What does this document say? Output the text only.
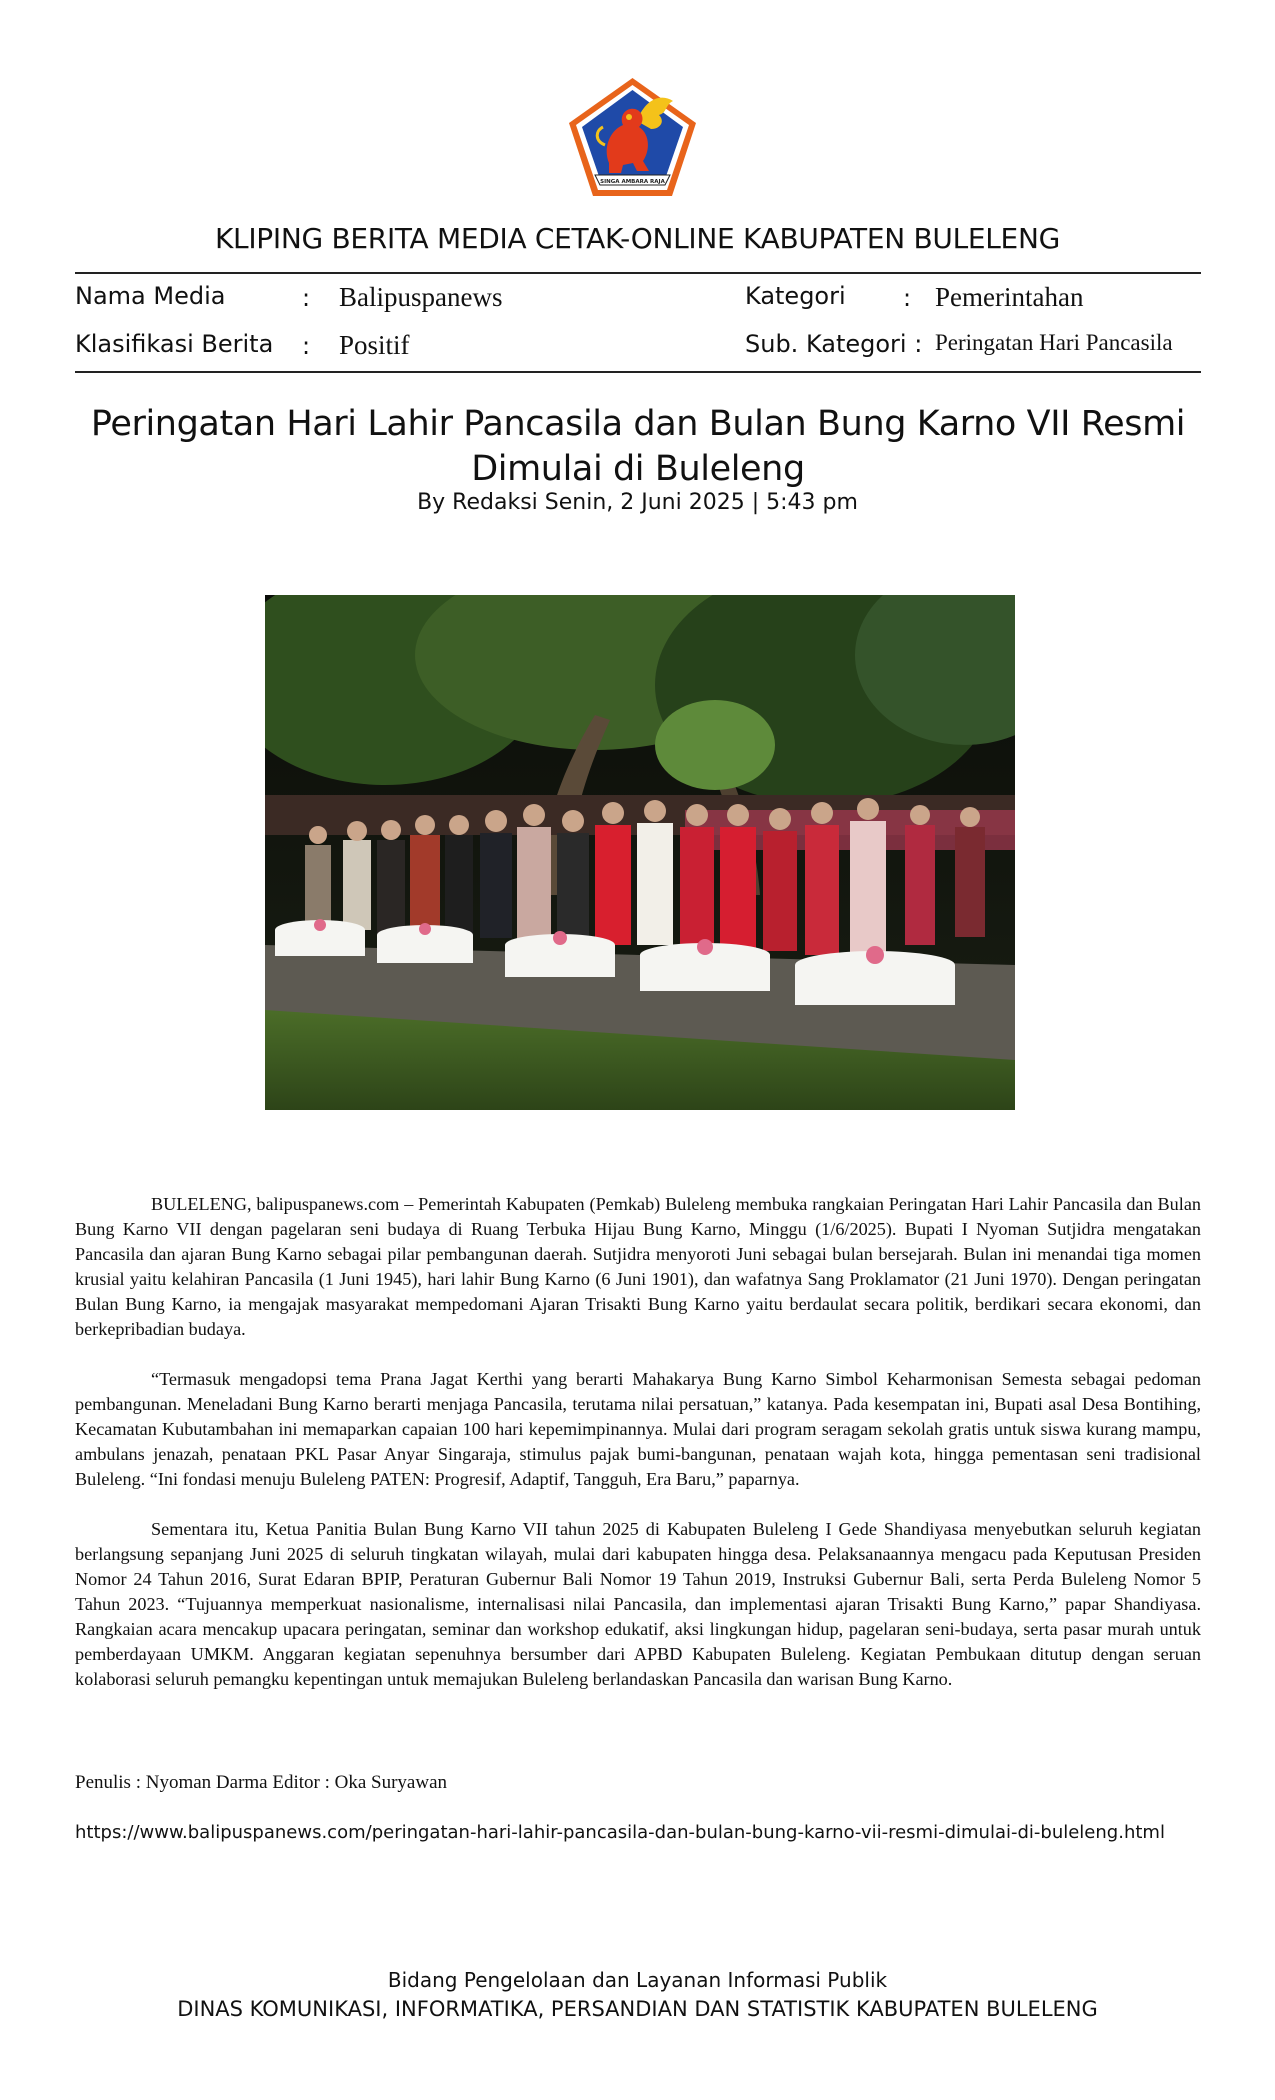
SINGA AMBARA RAJA
KLIPING BERITA MEDIA CETAK-ONLINE KABUPATEN BULELENG
Nama Media	: Balipuspanews	Kategori : Pemerintahan
Klasifikasi Berita : Positif	Sub. Kategori : Peringatan Hari Pancasila
Peringatan Hari Lahir Pancasila dan Bulan Bung Karno VII Resmi Dimulai di Buleleng
By Redaksi Senin, 2 Juni 2025 | 5:43 pm

BULELENG, balipuspanews.com – Pemerintah Kabupaten (Pemkab) Buleleng membuka rangkaian Peringatan Hari Lahir Pancasila dan Bulan Bung Karno VII dengan pagelaran seni budaya di Ruang Terbuka Hijau Bung Karno, Minggu (1/6/2025). Bupati I Nyoman Sutjidra mengatakan Pancasila dan ajaran Bung Karno sebagai pilar pembangunan daerah. Sutjidra menyoroti Juni sebagai bulan bersejarah. Bulan ini menandai tiga momen krusial yaitu kelahiran Pancasila (1 Juni 1945), hari lahir Bung Karno (6 Juni 1901), dan wafatnya Sang Proklamator (21 Juni 1970). Dengan peringatan Bulan Bung Karno, ia mengajak masyarakat mempedomani Ajaran Trisakti Bung Karno yaitu berdaulat secara politik, berdikari secara ekonomi, dan berkepribadian budaya.

“Termasuk mengadopsi tema Prana Jagat Kerthi yang berarti Mahakarya Bung Karno Simbol Keharmonisan Semesta sebagai pedoman pembangunan. Meneladani Bung Karno berarti menjaga Pancasila, terutama nilai persatuan,” katanya. Pada kesempatan ini, Bupati asal Desa Bontihing, Kecamatan Kubutambahan ini memaparkan capaian 100 hari kepemimpinannya. Mulai dari program seragam sekolah gratis untuk siswa kurang mampu, ambulans jenazah, penataan PKL Pasar Anyar Singaraja, stimulus pajak bumi-bangunan, penataan wajah kota, hingga pementasan seni tradisional Buleleng. “Ini fondasi menuju Buleleng PATEN: Progresif, Adaptif, Tangguh, Era Baru,” paparnya.

Sementara itu, Ketua Panitia Bulan Bung Karno VII tahun 2025 di Kabupaten Buleleng I Gede Shandiyasa menyebutkan seluruh kegiatan berlangsung sepanjang Juni 2025 di seluruh tingkatan wilayah, mulai dari kabupaten hingga desa. Pelaksanaannya mengacu pada Keputusan Presiden Nomor 24 Tahun 2016, Surat Edaran BPIP, Peraturan Gubernur Bali Nomor 19 Tahun 2019, Instruksi Gubernur Bali, serta Perda Buleleng Nomor 5 Tahun 2023. “Tujuannya memperkuat nasionalisme, internalisasi nilai Pancasila, dan implementasi ajaran Trisakti Bung Karno,” papar Shandiyasa. Rangkaian acara mencakup upacara peringatan, seminar dan workshop edukatif, aksi lingkungan hidup, pagelaran seni-budaya, serta pasar murah untuk pemberdayaan UMKM. Anggaran kegiatan sepenuhnya bersumber dari APBD Kabupaten Buleleng. Kegiatan Pembukaan ditutup dengan seruan kolaborasi seluruh pemangku kepentingan untuk memajukan Buleleng berlandaskan Pancasila dan warisan Bung Karno.

Penulis : Nyoman Darma Editor : Oka Suryawan
https://www.balipuspanews.com/peringatan-hari-lahir-pancasila-dan-bulan-bung-karno-vii-resmi-dimulai-di-buleleng.html
Bidang Pengelolaan dan Layanan Informasi Publik
DINAS KOMUNIKASI, INFORMATIKA, PERSANDIAN DAN STATISTIK KABUPATEN BULELENG
